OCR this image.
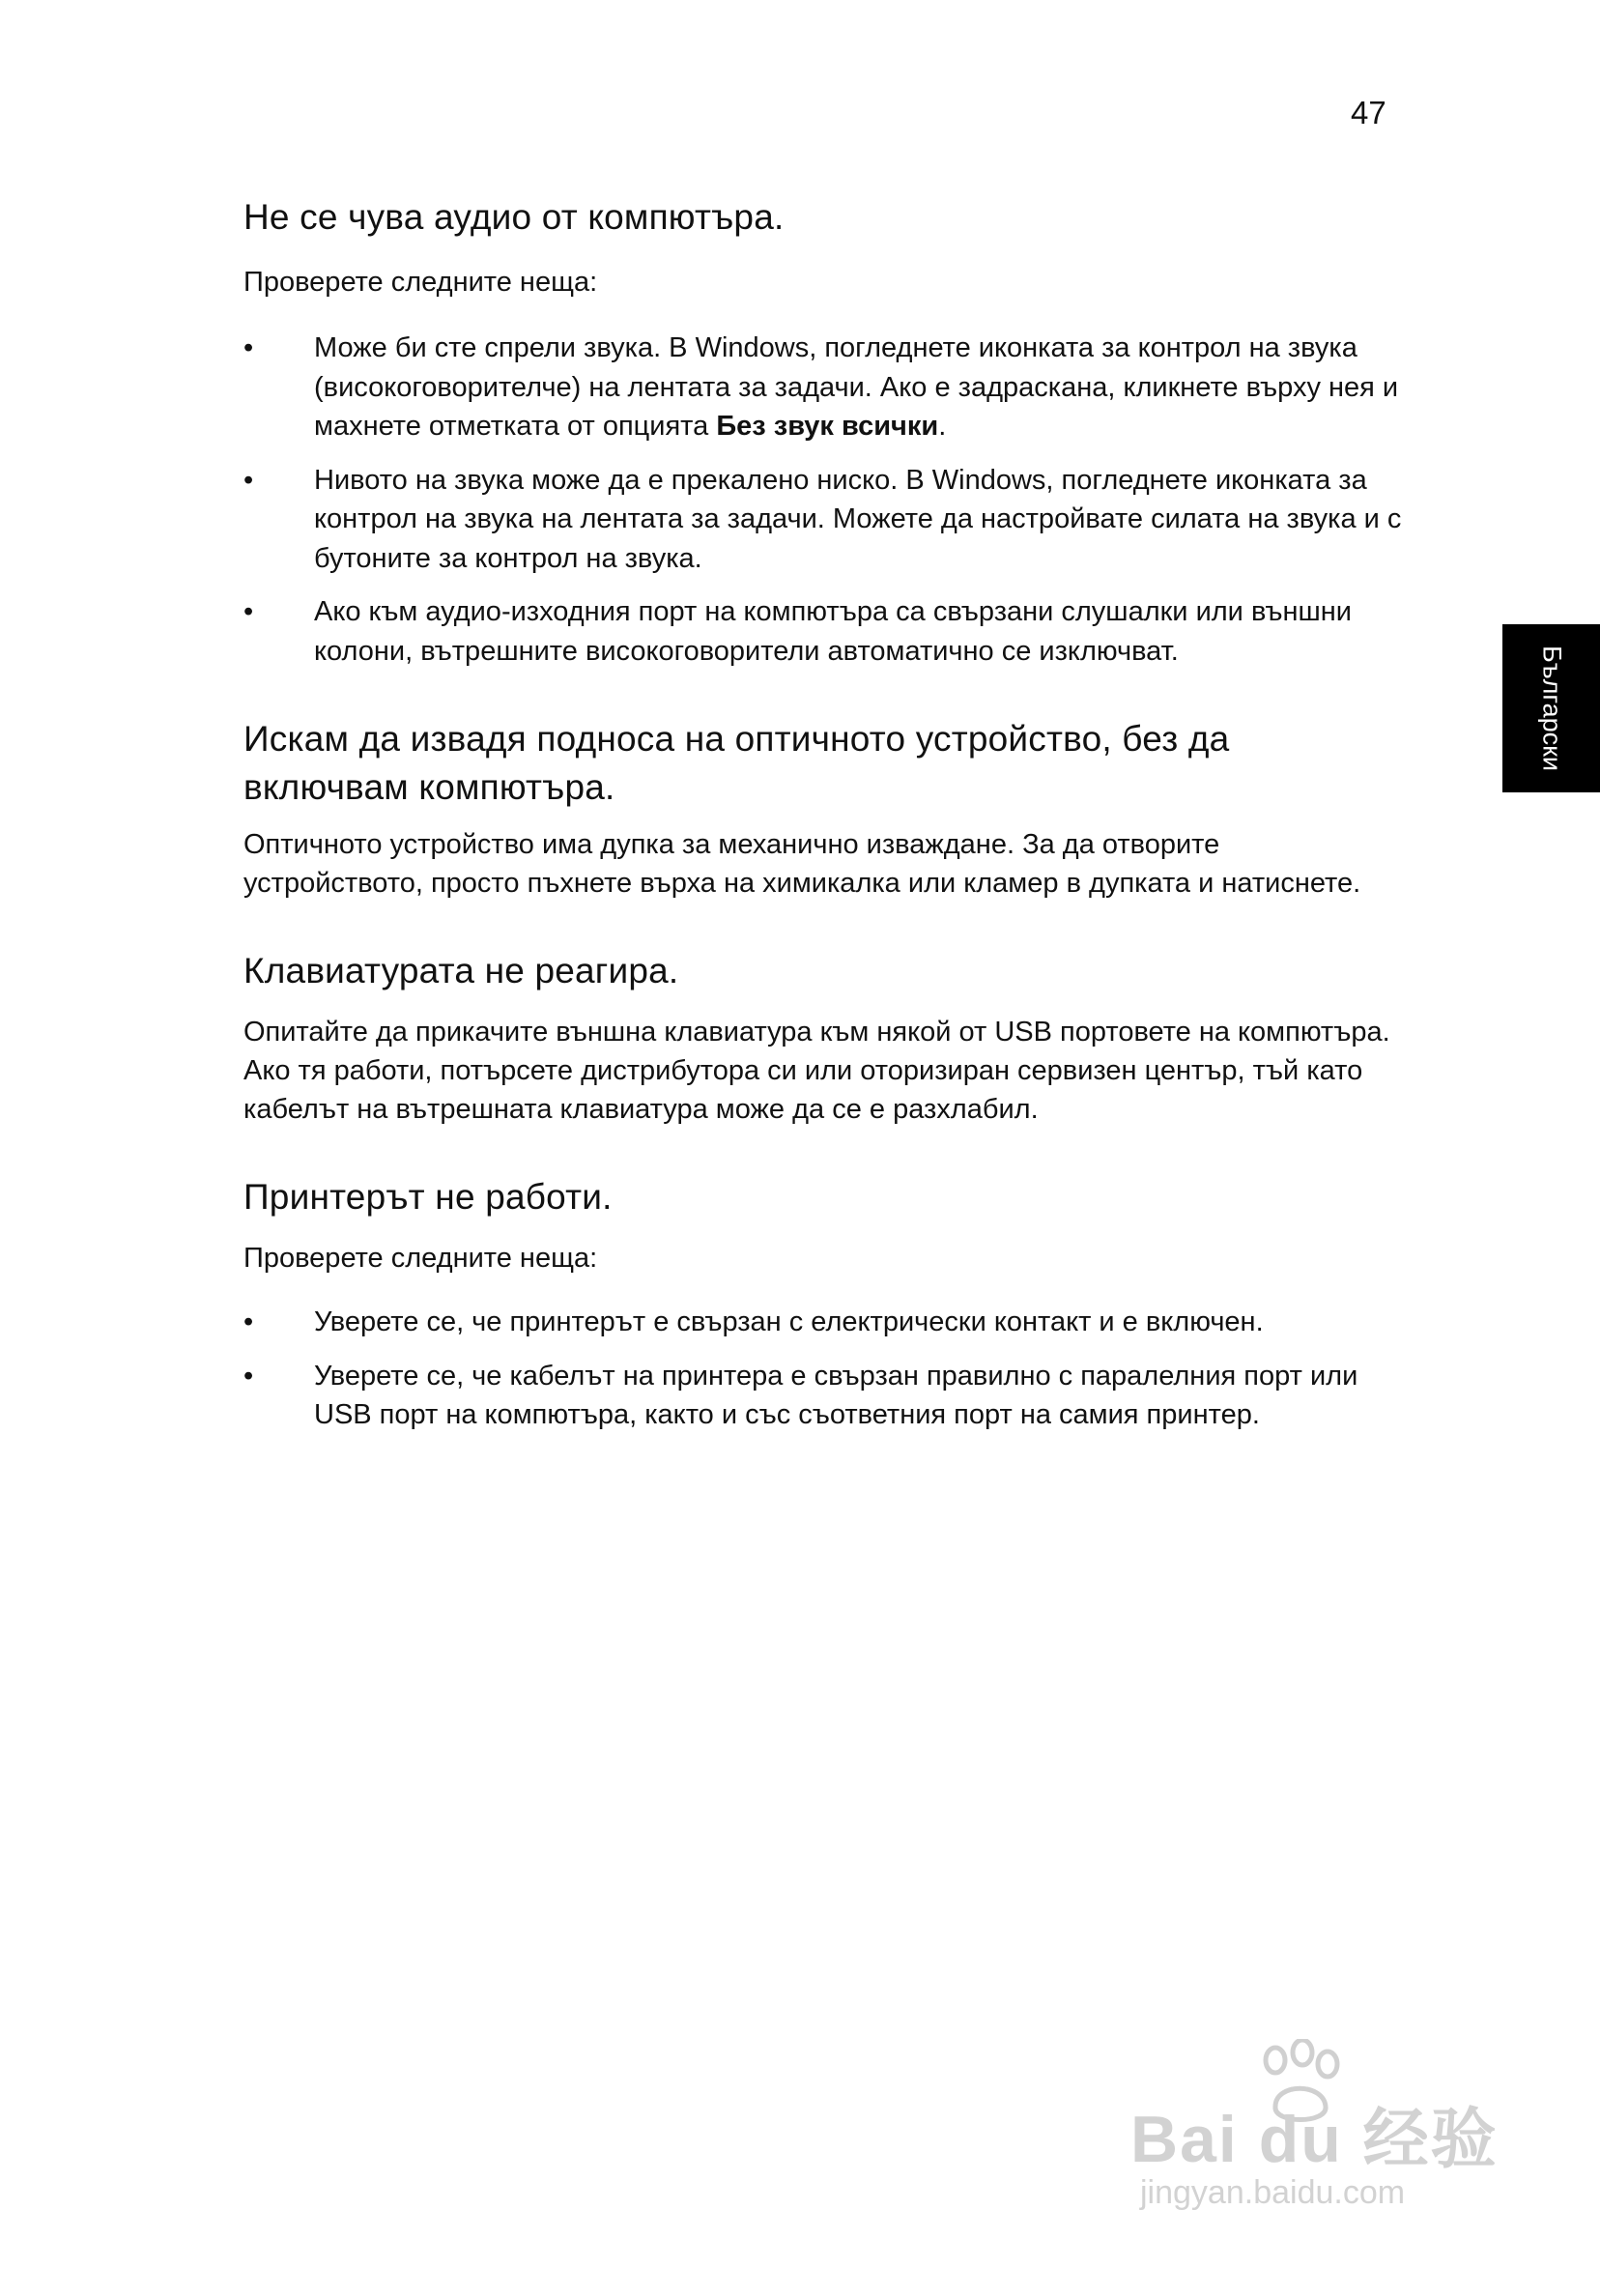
47
Български
Не се чува аудио от компютъра.

Проверете следните неща:

• Може би сте спрели звука. В Windows, погледнете иконката за контрол на звука (високоговорителче) на лентата за задачи. Ако е задраскана, кликнете върху нея и махнете отметката от опцията Без звук всички.
• Нивото на звука може да е прекалено ниско. В Windows, погледнете иконката за контрол на звука на лентата за задачи. Можете да настройвате силата на звука и с бутоните за контрол на звука.
• Ако към аудио-изходния порт на компютъра са свързани слушалки или външни колони, вътрешните високоговорители автоматично се изключват.
Искам да извадя подноса на оптичното устройство, без да включвам компютъра.

Оптичното устройство има дупка за механично изваждане. За да отворите устройството, просто пъхнете върха на химикалка или кламер в дупката и натиснете.

Клавиатурата не реагира.

Опитайте да прикачите външна клавиатура към някой от USB портовете на компютъра. Ако тя работи, потърсете дистрибутора си или оторизиран сервизен център, тъй като кабелът на вътрешната клавиатура може да се е разхлабил.

Принтерът не работи.

Проверете следните неща:

• Уверете се, че принтерът е свързан с електрически контакт и е включен.
• Уверете се, че кабелът на принтера е свързан правилно с паралелния порт или USB порт на компютъра, както и със съответния порт на самия принтер.
Bai du 经验
jingyan.baidu.com
